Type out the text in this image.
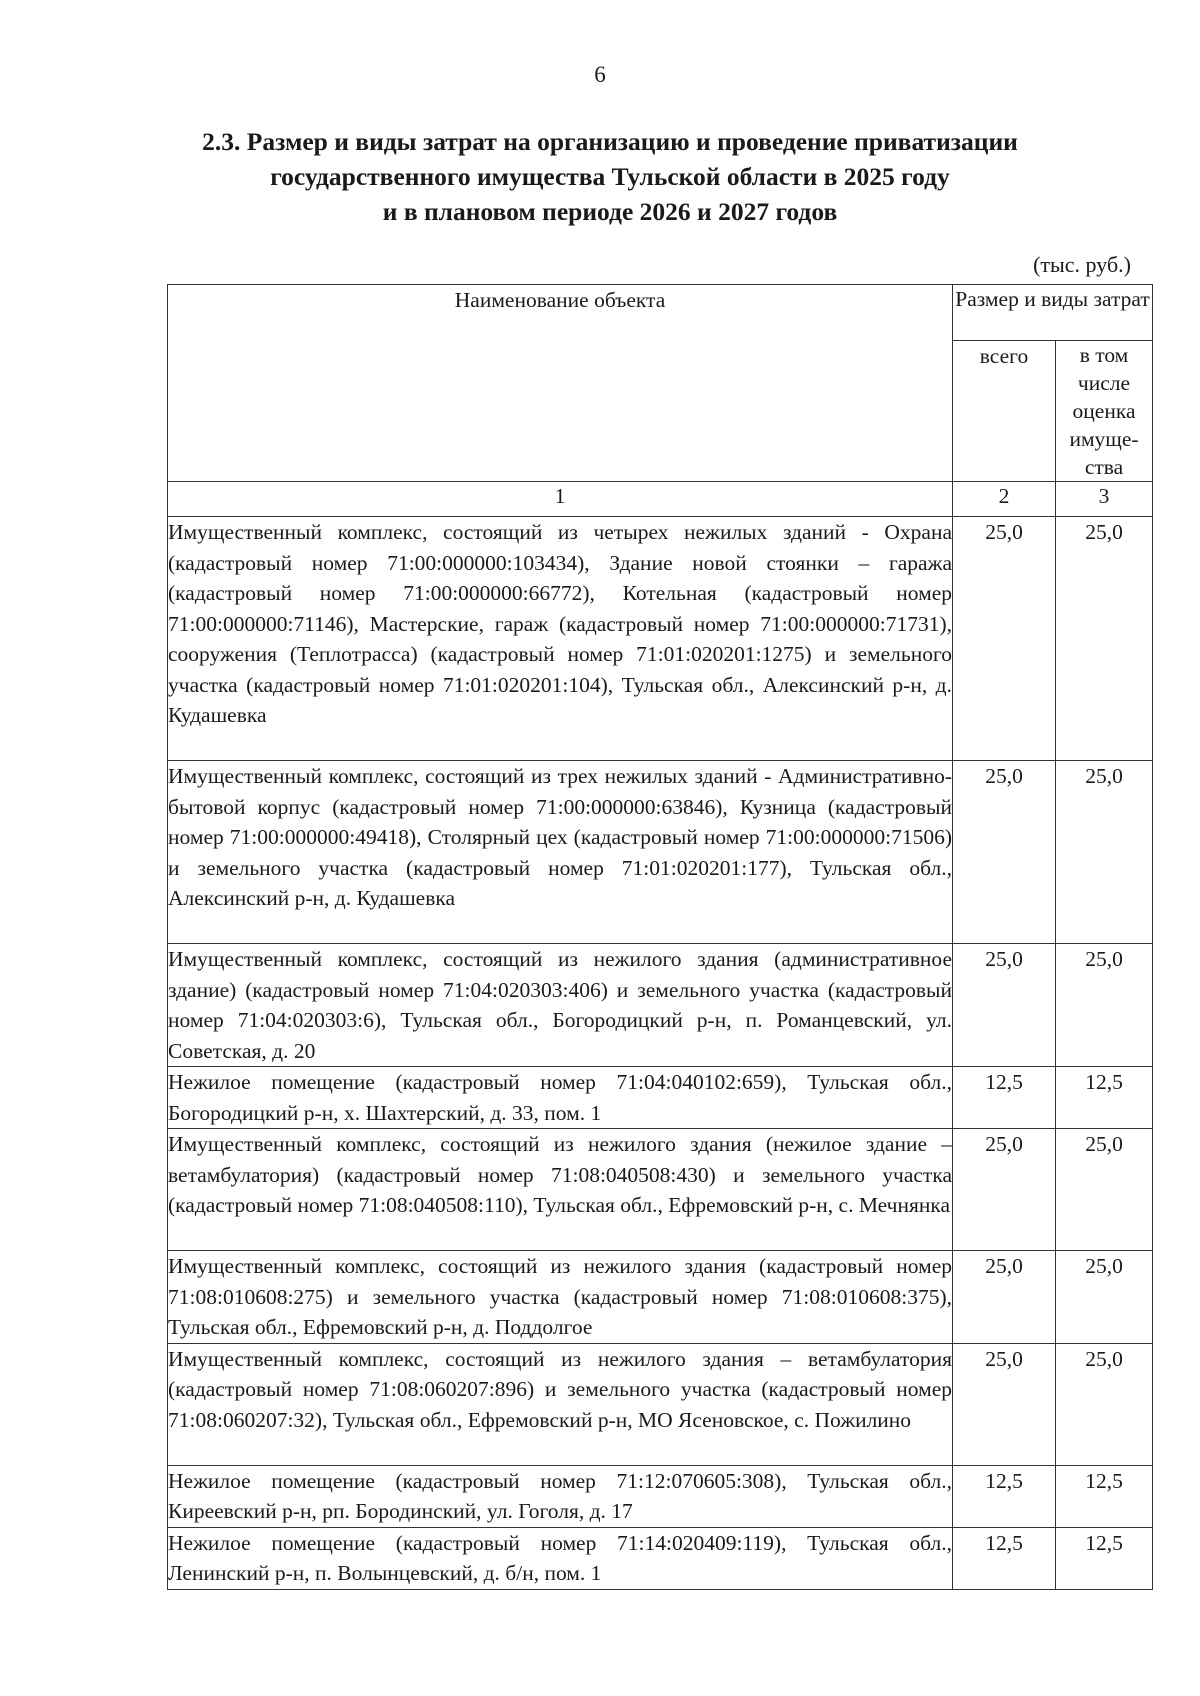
6
2.3. Размер и виды затрат на организацию и проведение приватизации
государственного имущества Тульской области в 2025 году
и в плановом периоде 2026 и 2027 годов
(тыс. руб.)
Наименование объекта	Размер и виды затрат	
	всего	в том числе оценка имуще-ства
1	2	3
Имущественный комплекс, состоящий из четырех нежилых зданий - Охрана (кадастровый номер 71:00:000000:103434), Здание новой стоянки – гаража (кадастровый номер 71:00:000000:66772), Котельная (кадастровый номер 71:00:000000:71146), Мастерские, гараж (кадастровый номер 71:00:000000:71731), сооружения (Теплотрасса) (кадастровый номер 71:01:020201:1275) и земельного участка (кадастровый номер 71:01:020201:104), Тульская обл., Алексинский р-н, д. Кудашевка	25,0	25,0
Имущественный комплекс, состоящий из трех нежилых зданий - Административно-бытовой корпус (кадастровый номер 71:00:000000:63846), Кузница (кадастровый номер 71:00:000000:49418), Столярный цех (кадастровый номер 71:00:000000:71506) и земельного участка (кадастровый номер 71:01:020201:177), Тульская обл., Алексинский р-н, д. Кудашевка	25,0	25,0
Имущественный комплекс, состоящий из нежилого здания (административное здание) (кадастровый номер 71:04:020303:406) и земельного участка (кадастровый номер 71:04:020303:6), Тульская обл., Богородицкий р-н, п. Романцевский, ул. Советская, д. 20	25,0	25,0
Нежилое помещение (кадастровый номер 71:04:040102:659), Тульская обл., Богородицкий р-н, х. Шахтерский, д. 33, пом. 1	12,5	12,5
Имущественный комплекс, состоящий из нежилого здания (нежилое здание – ветамбулатория) (кадастровый номер 71:08:040508:430) и земельного участка (кадастровый номер 71:08:040508:110), Тульская обл., Ефремовский р-н, с. Мечнянка	25,0	25,0
Имущественный комплекс, состоящий из нежилого здания (кадастровый номер 71:08:010608:275) и земельного участка (кадастровый номер 71:08:010608:375), Тульская обл., Ефремовский р-н, д. Поддолгое	25,0	25,0
Имущественный комплекс, состоящий из нежилого здания – ветамбулатория (кадастровый номер 71:08:060207:896) и земельного участка (кадастровый номер 71:08:060207:32), Тульская обл., Ефремовский р-н, МО Ясеновское, с. Пожилино	25,0	25,0
Нежилое помещение (кадастровый номер 71:12:070605:308), Тульская обл., Киреевский р-н, рп. Бородинский, ул. Гоголя, д. 17	12,5	12,5
Нежилое помещение (кадастровый номер 71:14:020409:119), Тульская обл., Ленинский р-н, п. Волынцевский, д. б/н, пом. 1	12,5	12,5
